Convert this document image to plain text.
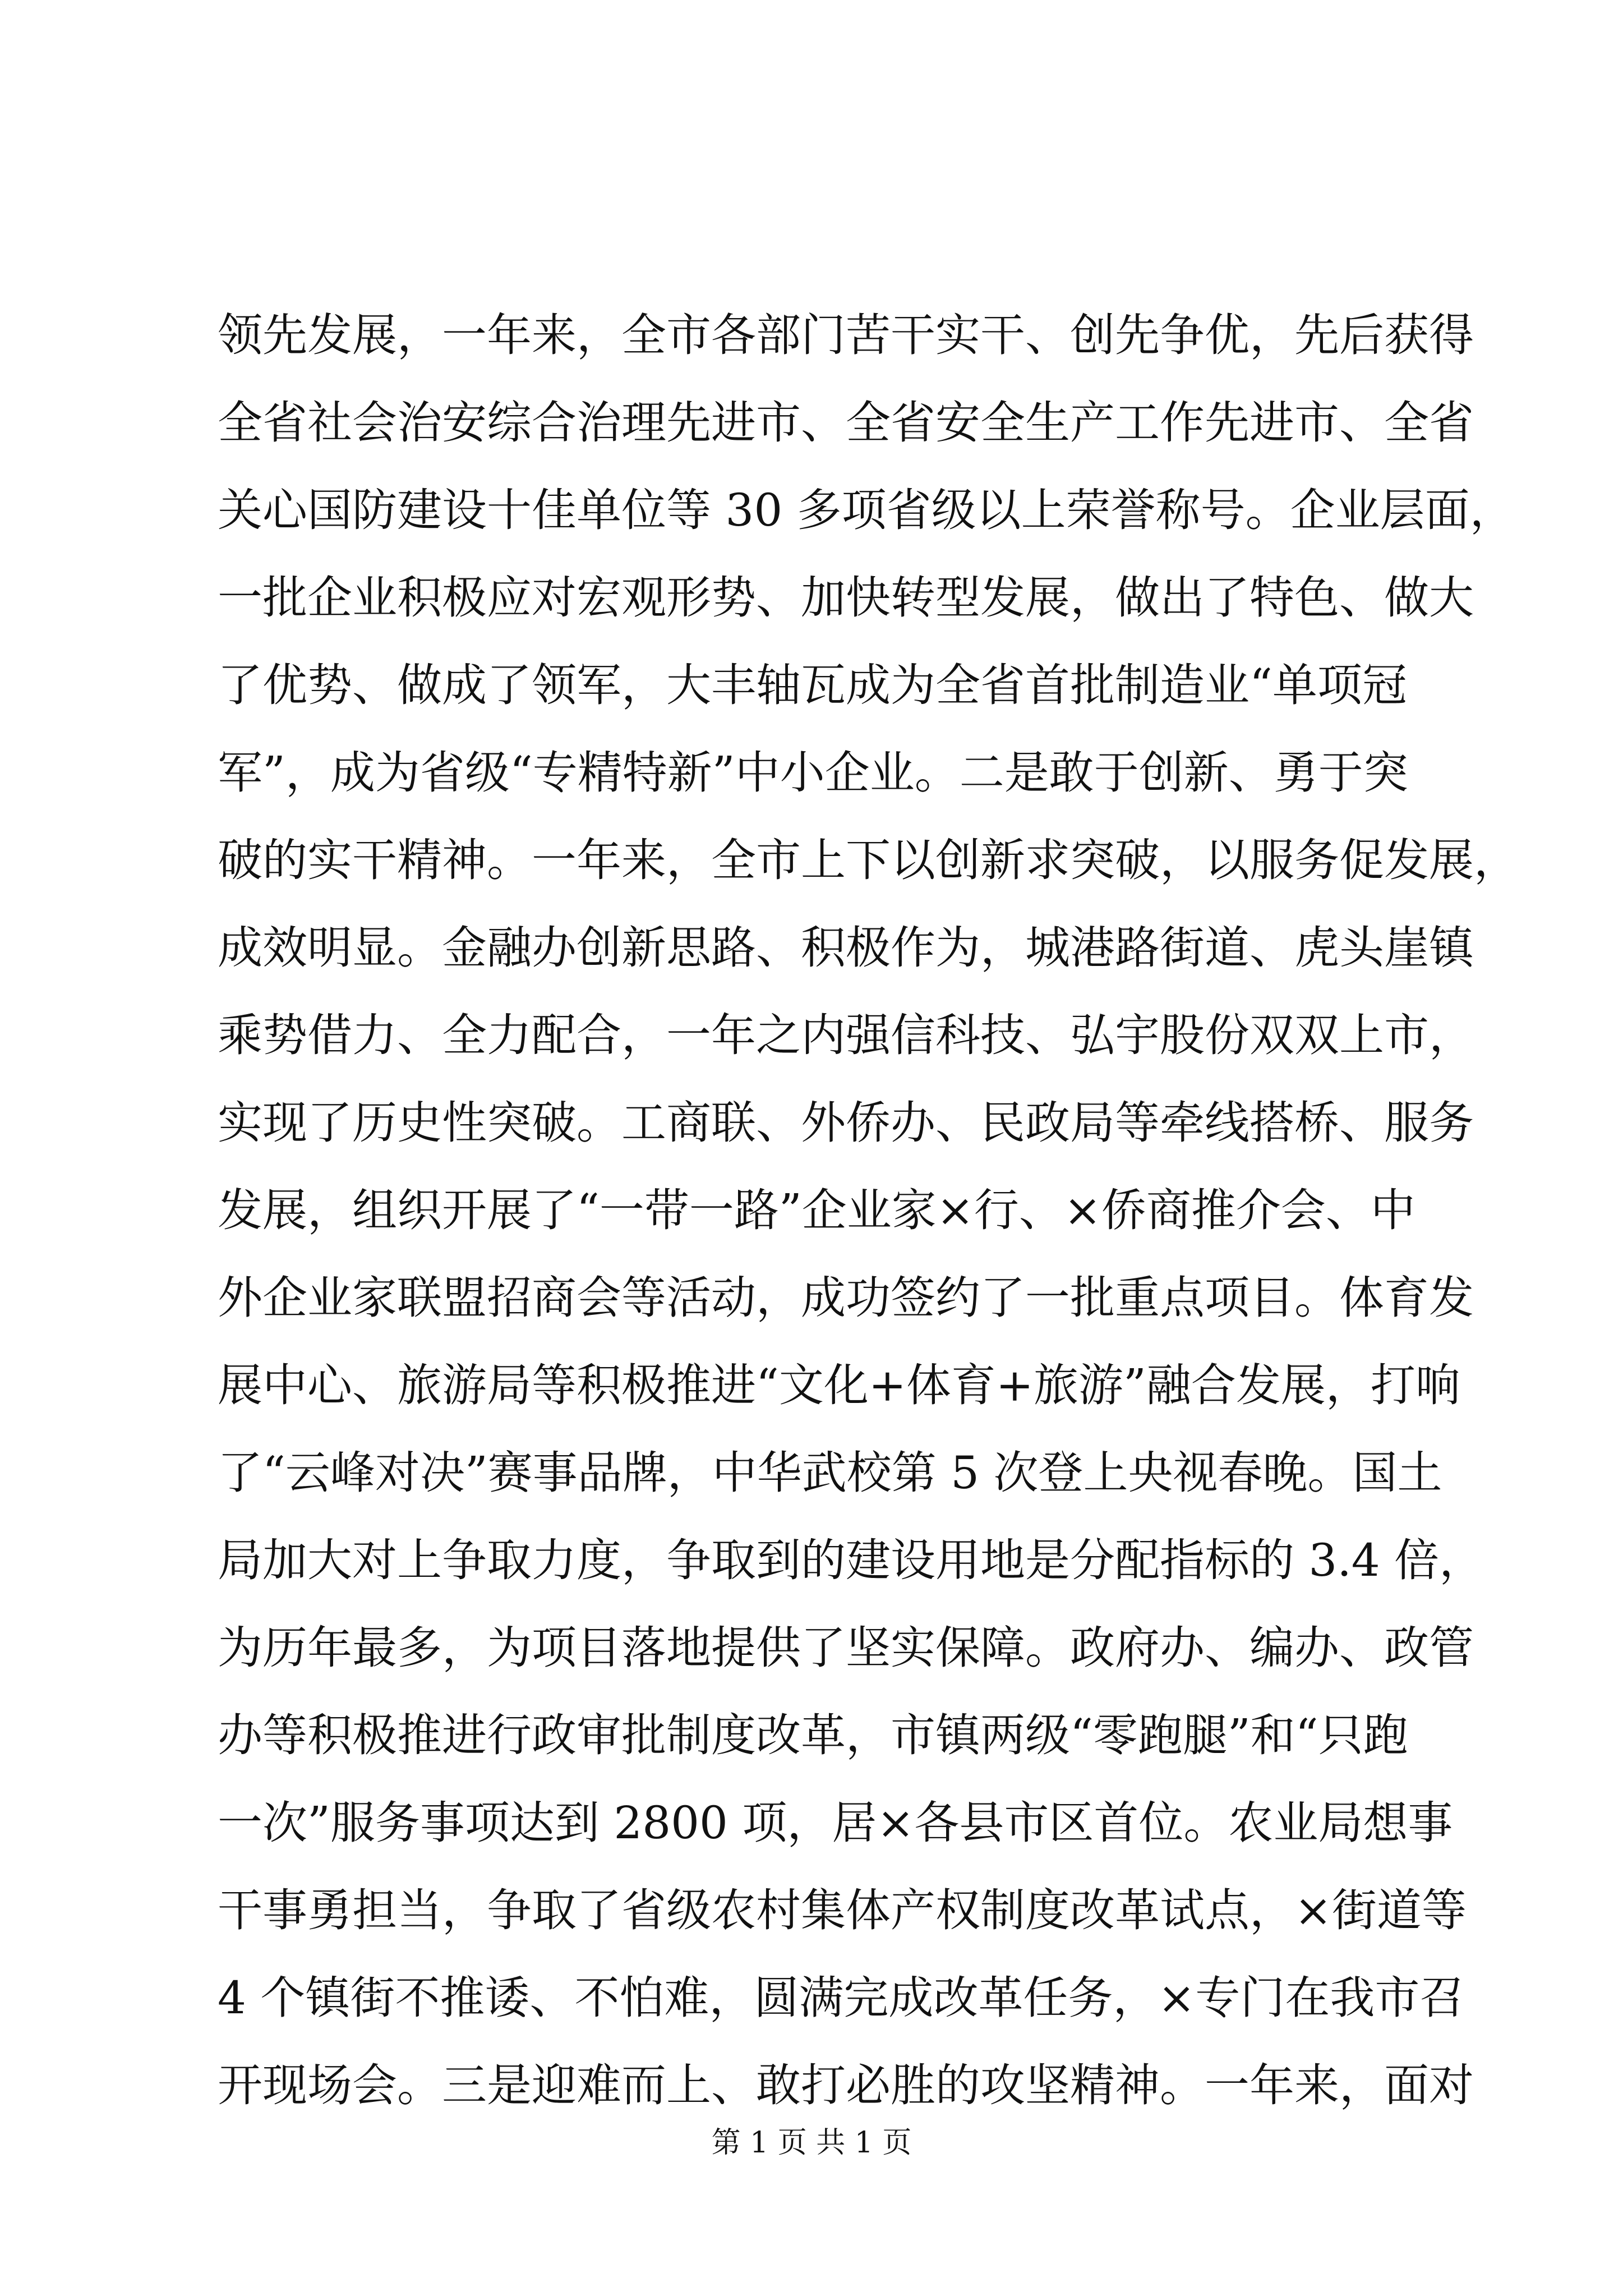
领先发展，一年来，全市各部门苦干实干、创先争优，先后获得
全省社会治安综合治理先进市、全省安全生产工作先进市、全省
关心国防建设十佳单位等 30 多项省级以上荣誉称号。企业层面，
一批企业积极应对宏观形势、加快转型发展，做出了特色、做大
了优势、做成了领军，大丰轴瓦成为全省首批制造业“单项冠
军”，成为省级“专精特新”中小企业。二是敢于创新、勇于突
破的实干精神。一年来，全市上下以创新求突破，以服务促发展，
成效明显。金融办创新思路、积极作为，城港路街道、虎头崖镇
乘势借力、全力配合，一年之内强信科技、弘宇股份双双上市，
实现了历史性突破。工商联、外侨办、民政局等牵线搭桥、服务
发展，组织开展了“一带一路”企业家×行、×侨商推介会、中
外企业家联盟招商会等活动，成功签约了一批重点项目。体育发
展中心、旅游局等积极推进“文化+体育+旅游”融合发展，打响
了“云峰对决”赛事品牌，中华武校第 5 次登上央视春晚。国土
局加大对上争取力度，争取到的建设用地是分配指标的 3.4 倍，
为历年最多，为项目落地提供了坚实保障。政府办、编办、政管
办等积极推进行政审批制度改革，市镇两级“零跑腿”和“只跑
一次”服务事项达到 2800 项，居×各县市区首位。农业局想事
干事勇担当，争取了省级农村集体产权制度改革试点，×街道等
4 个镇街不推诿、不怕难，圆满完成改革任务，×专门在我市召
开现场会。三是迎难而上、敢打必胜的攻坚精神。一年来，面对
第 1 页 共 1 页
